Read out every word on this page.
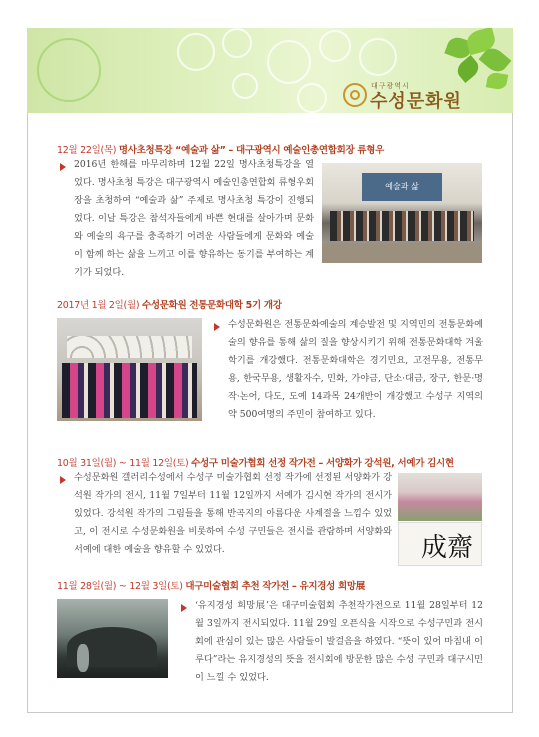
대구광역시
수성문화원
12월 22일(목) 명사초청특강 “예술과 삶” – 대구광역시 예술인총연합회장 류형우
2016년 한해를 마무리하며 12월 22일 명사초청특강을 열었다. 명사초청 특강은 대구광역시 예술인총연합회 류형우회장을 초청하여 “예술과 삶” 주제로 명사초청 특강이 진행되었다. 이날 특강은 참석자들에게 바쁜 현대를 살아가며 문화와 예술의 욕구를 충족하기 어려운 사람들에게 문화와 예술이 함께 하는 삶을 느끼고 이를 향유하는 동기를 부여하는 계기가 되었다.
예술과 삶
2017년 1월 2일(월) 수성문화원 전통문화대학 5기 개강
수성문화원은 전통문화예술의 계승발전 및 지역민의 전통문화예술의 향유를 통해 삶의 질을 향상시키기 위해 전통문화대학 겨울학기를 개강했다. 전통문화대학은 경기민요, 고전무용, 전통무용, 한국무용, 생활자수, 민화, 가야금, 단소·대금, 장구, 한문·명작·논어, 다도, 도예 14과목 24개반이 개강했고 수성구 지역의 약 500여명의 주민이 참여하고 있다.
10월 31일(월) ~ 11월 12일(토) 수성구 미술가협회 선정 작가전 – 서양화가 강석원, 서예가 김시현
수성문화원 갤러리수성에서 수성구 미술가협회 선정 작가에 선정된 서양화가 강석원 작가의 전시, 11월 7일부터 11월 12일까지 서예가 김시현 작가의 전시가 있었다. 강석원 작가의 그림들을 통해 반곡지의 아름다운 사계절을 느낌수 있었고, 이 전시로 수성문화원을 비롯하여 수성 구민들은 전시를 관람하며 서양화와 서예에 대한 예술을 향유할 수 있었다.	成齋
11월 28일(월) ~ 12월 3일(토) 대구미술협회 추천 작가전 – 유지경성 희망展
‘유지경성 희망展’은 대구미술협회 추천작가전으로 11월 28일부터 12월 3일까지 전시되었다. 11월 29일 오픈식을 시작으로 수성구민과 전시회에 관심이 있는 많은 사람들이 발걸음을 하였다. “뜻이 있어 마침내 이루다”라는 유지경성의 뜻을 전시회에 방문한 많은 수성 구민과 대구시민이 느낄 수 있었다.
